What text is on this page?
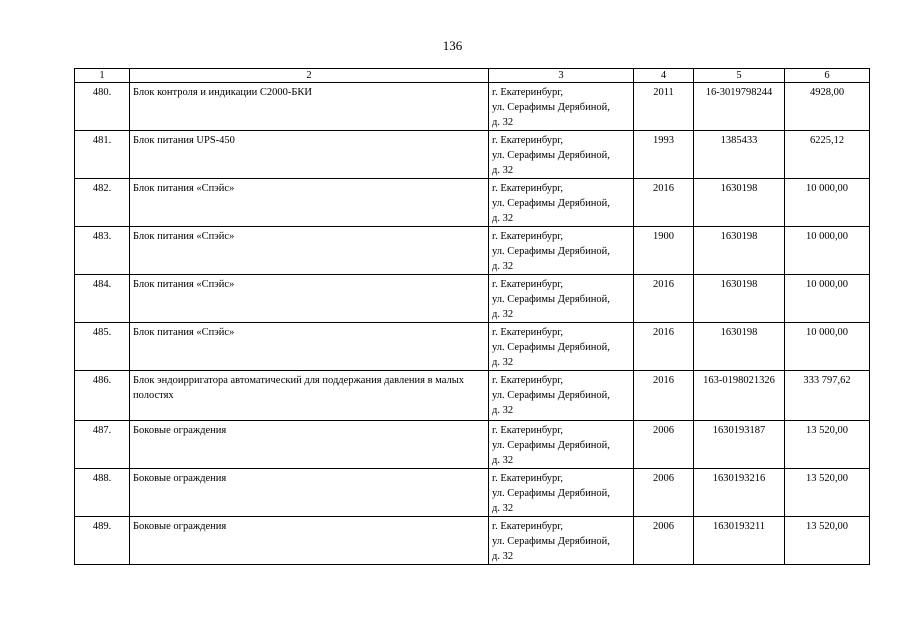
136
1	2	3	4	5	6
480.	Блок контроля и индикации С2000-БКИ	г. Екатеринбург,
ул. Серафимы Дерябиной,
д. 32	2011	16-3019798244	4928,00
481.	Блок питания UPS-450	г. Екатеринбург,
ул. Серафимы Дерябиной,
д. 32	1993	1385433	6225,12
482.	Блок питания «Спэйс»	г. Екатеринбург,
ул. Серафимы Дерябиной,
д. 32	2016	1630198	10 000,00
483.	Блок питания «Спэйс»	г. Екатеринбург,
ул. Серафимы Дерябиной,
д. 32	1900	1630198	10 000,00
484.	Блок питания «Спэйс»	г. Екатеринбург,
ул. Серафимы Дерябиной,
д. 32	2016	1630198	10 000,00
485.	Блок питания «Спэйс»	г. Екатеринбург,
ул. Серафимы Дерябиной,
д. 32	2016	1630198	10 000,00
486.	Блок эндоирригатора автоматический для поддержания давления в малых полостях	г. Екатеринбург,
ул. Серафимы Дерябиной,
д. 32	2016	163-0198021326	333 797,62
487.	Боковые ограждения	г. Екатеринбург,
ул. Серафимы Дерябиной,
д. 32	2006	1630193187	13 520,00
488.	Боковые ограждения	г. Екатеринбург,
ул. Серафимы Дерябиной,
д. 32	2006	1630193216	13 520,00
489.	Боковые ограждения	г. Екатеринбург,
ул. Серафимы Дерябиной,
д. 32	2006	1630193211	13 520,00
